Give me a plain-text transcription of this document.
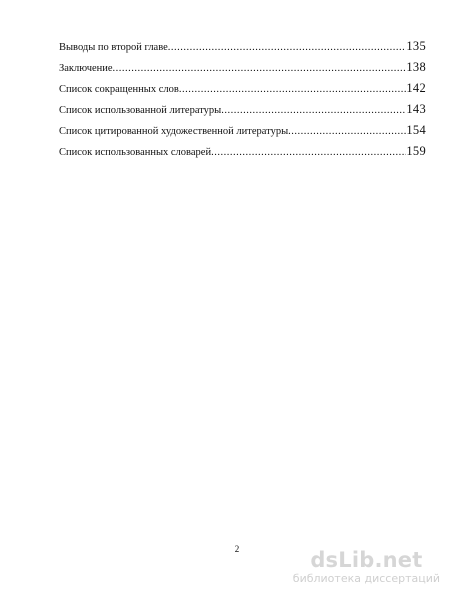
Выводы по второй главе .....	135
Заключение .....	138
Список сокращенных слов .....	142
Список использованной литературы .....	143
Список цитированной художественной литературы .....	154
Список использованных словарей .....	159
2	dsLib.net
библиотека диссертаций
